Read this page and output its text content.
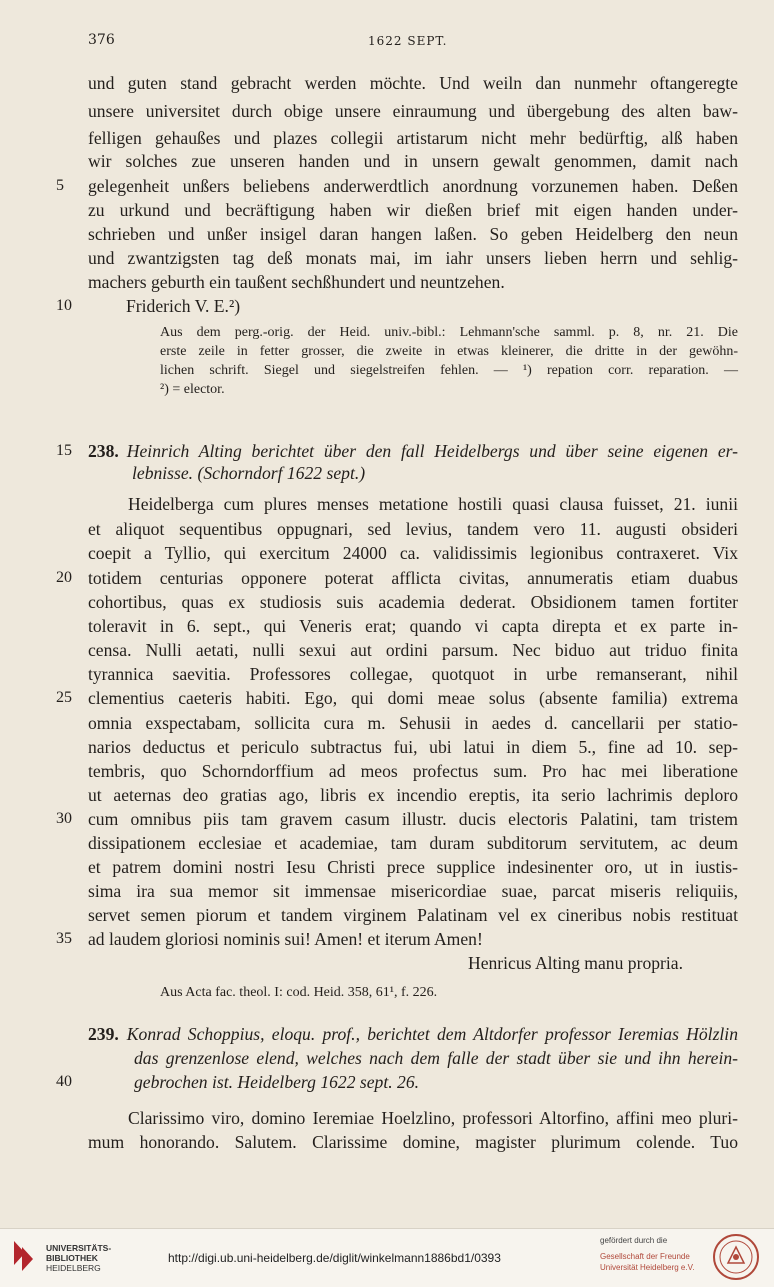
376	1622 SEPT.
und guten stand gebracht werden möchte. Und weiln dan nunmehr oftangeregte
unsere universitet durch obige unsere einraumung und übergebung des alten baw-
felligen gehaußes und plazes collegii artistarum nicht mehr bedürftig, alß haben
wir solches zue unseren handen und in unsern gewalt genommen, damit nach
gelegenheit unßers beliebens anderwerdtlich anordnung vorzunemen haben. Deßen
zu urkund und becräftigung haben wir dießen brief mit eigen handen under-
schrieben und unßer insigel daran hangen laßen. So geben Heidelberg den neun
und zwantzigsten tag deß monats mai, im iahr unsers lieben herrn und sehlig-
machers geburth ein taußent sechßhundert und neuntzehen.
Friderich V. E.²)
Aus dem perg.-orig. der Heid. univ.-bibl.: Lehmann'sche samml. p. 8, nr. 21. Die
erste zeile in fetter grosser, die zweite in etwas kleinerer, die dritte in der gewöhn-
lichen schrift. Siegel und siegelstreifen fehlen. — ¹) repation corr. reparation. —
²) = elector.
238. Heinrich Alting berichtet über den fall Heidelbergs und über seine eigenen er-
lebnisse. (Schorndorf 1622 sept.)
Heidelberga cum plures menses metatione hostili quasi clausa fuisset, 21. iunii
et aliquot sequentibus oppugnari, sed levius, tandem vero 11. augusti obsideri
coepit a Tyllio, qui exercitum 24000 ca. validissimis legionibus contraxeret. Vix
totidem centurias opponere poterat afflicta civitas, annumeratis etiam duabus
cohortibus, quas ex studiosis suis academia dederat. Obsidionem tamen fortiter
toleravit in 6. sept., qui Veneris erat; quando vi capta direpta et ex parte in-
censa. Nulli aetati, nulli sexui aut ordini parsum. Nec biduo aut triduo finita
tyrannica saevitia. Professores collegae, quotquot in urbe remanserant, nihil
clementius caeteris habiti. Ego, qui domi meae solus (absente familia) extrema
omnia exspectabam, sollicita cura m. Sehusii in aedes d. cancellarii per statio-
narios deductus et periculo subtractus fui, ubi latui in diem 5., fine ad 10. sep-
tembris, quo Schorndorffium ad meos profectus sum. Pro hac mei liberatione
ut aeternas deo gratias ago, libris ex incendio ereptis, ita serio lachrimis deploro
cum omnibus piis tam gravem casum illustr. ducis electoris Palatini, tam tristem
dissipationem ecclesiae et academiae, tam duram subditorum servitutem, ac deum
et patrem domini nostri Iesu Christi prece supplice indesinenter oro, ut in iustis-
sima ira sua memor sit immensae misericordiae suae, parcat miseris reliquiis,
servet semen piorum et tandem virginem Palatinam vel ex cineribus nobis restituat
ad laudem gloriosi nominis sui! Amen! et iterum Amen!
Henricus Alting manu propria.
Aus Acta fac. theol. I: cod. Heid. 358, 61¹, f. 226.
239. Konrad Schoppius, eloqu. prof., berichtet dem Altdorfer professor Ieremias Hölzlin
das grenzenlose elend, welches nach dem falle der stadt über sie und ihn herein-
gebrochen ist. Heidelberg 1622 sept. 26.
Clarissimo viro, domino Ieremiae Hoelzlino, professori Altorfino, affini meo pluri-
mum honorando. Salutem. Clarissime domine, magister plurimum colende. Tuo
5
10
15
20
25
30
35
40
UNIVERSITÄTS-
BIBLIOTHEK
HEIDELBERG
http://digi.ub.uni-heidelberg.de/diglit/winkelmann1886bd1/0393
gefördert durch die
Gesellschaft der Freunde
Universität Heidelberg e.V.
